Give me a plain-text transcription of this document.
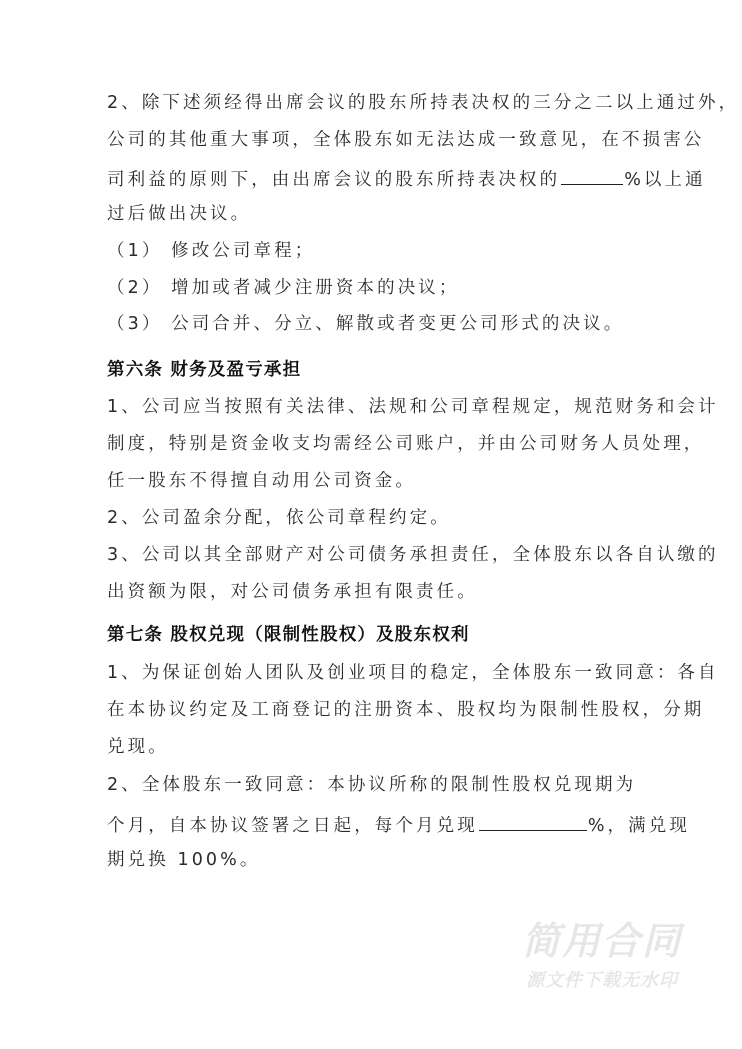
2、除下述须经得出席会议的股东所持表决权的三分之二以上通过外，
公司的其他重大事项，全体股东如无法达成一致意见，在不损害公
司利益的原则下，由出席会议的股东所持表决权的	%以上通
过后做出决议。
（1） 修改公司章程；
（2） 增加或者减少注册资本的决议；
（3） 公司合并、分立、解散或者变更公司形式的决议。
第六条 财务及盈亏承担
1、公司应当按照有关法律、法规和公司章程规定，规范财务和会计
制度，特别是资金收支均需经公司账户，并由公司财务人员处理，
任一股东不得擅自动用公司资金。
2、公司盈余分配，依公司章程约定。
3、公司以其全部财产对公司债务承担责任，全体股东以各自认缴的
出资额为限，对公司债务承担有限责任。
第七条 股权兑现（限制性股权）及股东权利
1、为保证创始人团队及创业项目的稳定，全体股东一致同意：各自
在本协议约定及工商登记的注册资本、股权均为限制性股权，分期
兑现。
2、全体股东一致同意：本协议所称的限制性股权兑现期为
个月，自本协议签署之日起，每个月兑现	%，满兑现
期兑换 100%。
简用合同
源文件下载无水印
